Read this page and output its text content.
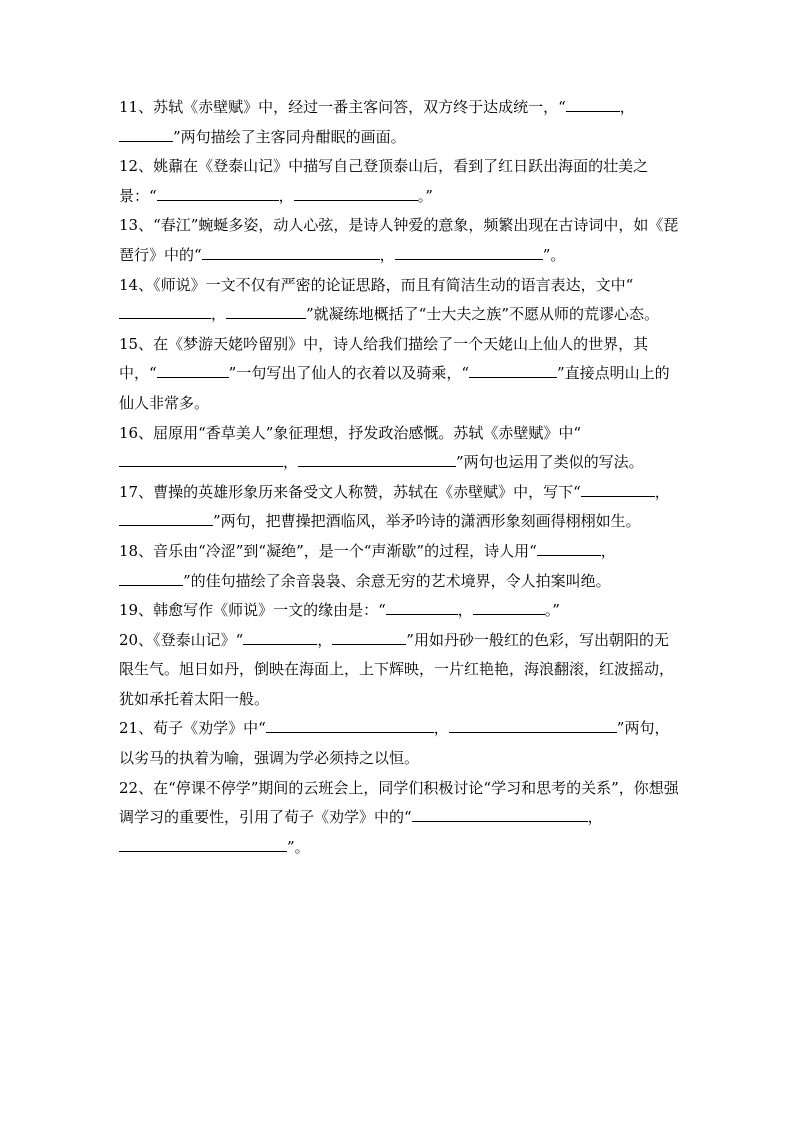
11、苏轼《赤壁赋》中，经过一番主客问答，双方终于达成统一，“	，
”两句描绘了主客同舟酣眠的画面。

12、姚鼐在《登泰山记》中描写自己登顶泰山后，看到了红日跃出海面的壮美之景：“	，	。”

13、“春江”蜿蜒多姿，动人心弦，是诗人钟爱的意象，频繁出现在古诗词中，如《琵琶行》中的“	，	”。

14、《师说》一文不仅有严密的论证思路，而且有简洁生动的语言表达，文中“，	”就凝练地概括了“士大夫之族”不愿从师的荒谬心态。

15、在《梦游天姥吟留别》中，诗人给我们描绘了一个天姥山上仙人的世界，其中，“	”一句写出了仙人的衣着以及骑乘，“	”直接点明山上的仙人非常多。

16、屈原用“香草美人”象征理想，抒发政治感慨。苏轼《赤壁赋》中“，	”两句也运用了类似的写法。

17、曹操的英雄形象历来备受文人称赞，苏轼在《赤壁赋》中，写下“	，”两句，把曹操把酒临风，举矛吟诗的潇洒形象刻画得栩栩如生。

18、音乐由“冷涩”到“凝绝”，是一个“声渐歇”的过程，诗人用“	，”的佳句描绘了余音袅袅、余意无穷的艺术境界，令人拍案叫绝。

19、韩愈写作《师说》一文的缘由是：“	，	。”

20、《登泰山记》“	，	”用如丹砂一般红的色彩，写出朝阳的无限生气。旭日如丹，倒映在海面上，上下辉映，一片红艳艳，海浪翻滚，红波摇动，犹如承托着太阳一般。

21、荀子《劝学》中“	，	”两句，以劣马的执着为喻，强调为学必须持之以恒。

22、在“停课不停学”期间的云班会上，同学们积极讨论“学习和思考的关系”，你想强调学习的重要性，引用了荀子《劝学》中的“	，”。
